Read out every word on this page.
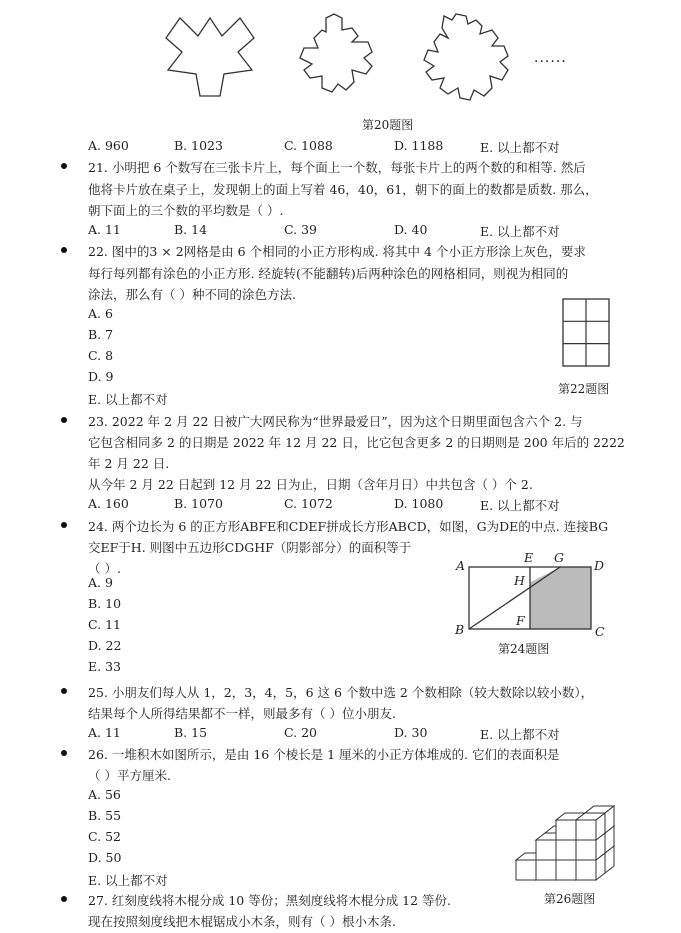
......
第20题图
A. 960	B. 1023	C. 1088	D. 1188	E. 以上都不对
21. 小明把 6 个数写在三张卡片上，每个面上一个数，每张卡片上的两个数的和相等. 然后
他将卡片放在桌子上，发现朝上的面上写着 46，40，61，朝下的面上的数都是质数. 那么，
朝下面上的三个数的平均数是（ ）.
A. 11	B. 14	C. 39	D. 40	E. 以上都不对
22. 图中的3 × 2网格是由 6 个相同的小正方形构成. 将其中 4 个小正方形涂上灰色，要求
每行每列都有涂色的小正方形. 经旋转(不能翻转)后两种涂色的网格相同，则视为相同的
涂法，那么有（ ）种不同的涂色方法.
A. 6
B. 7
C. 8
D. 9
E. 以上都不对
第22题图
23. 2022 年 2 月 22 日被广大网民称为“世界最爱日”，因为这个日期里面包含六个 2. 与
它包含相同多 2 的日期是 2022 年 12 月 22 日，比它包含更多 2 的日期则是 200 年后的 2222
年 2 月 22 日.
从今年 2 月 22 日起到 12 月 22 日为止，日期（含年月日）中共包含（ ）个 2.
A. 160	B. 1070	C. 1072	D. 1080	E. 以上都不对
24. 两个边长为 6 的正方形ABFE和CDEF拼成长方形ABCD，如图，G为DE的中点. 连接BG
交EF于H. 则图中五边形CDGHF（阴影部分）的面积等于
（ ）.
A. 9
B. 10
C. 11
D. 22
E. 33
A
B	C
D
E
F
G
H
第24题图
25. 小朋友们每人从 1，2，3，4，5，6 这 6 个数中选 2 个数相除（较大数除以较小数），
结果每个人所得结果都不一样，则最多有（ ）位小朋友.
A. 11	B. 15	C. 20	D. 30	E. 以上都不对
26. 一堆积木如图所示，是由 16 个棱长是 1 厘米的小正方体堆成的. 它们的表面积是
（ ）平方厘米.
A. 56
B. 55
C. 52
D. 50
E. 以上都不对
第26题图
27. 红刻度线将木棍分成 10 等份；黑刻度线将木棍分成 12 等份.
现在按照刻度线把木棍锯成小木条，则有（ ）根小木条.
